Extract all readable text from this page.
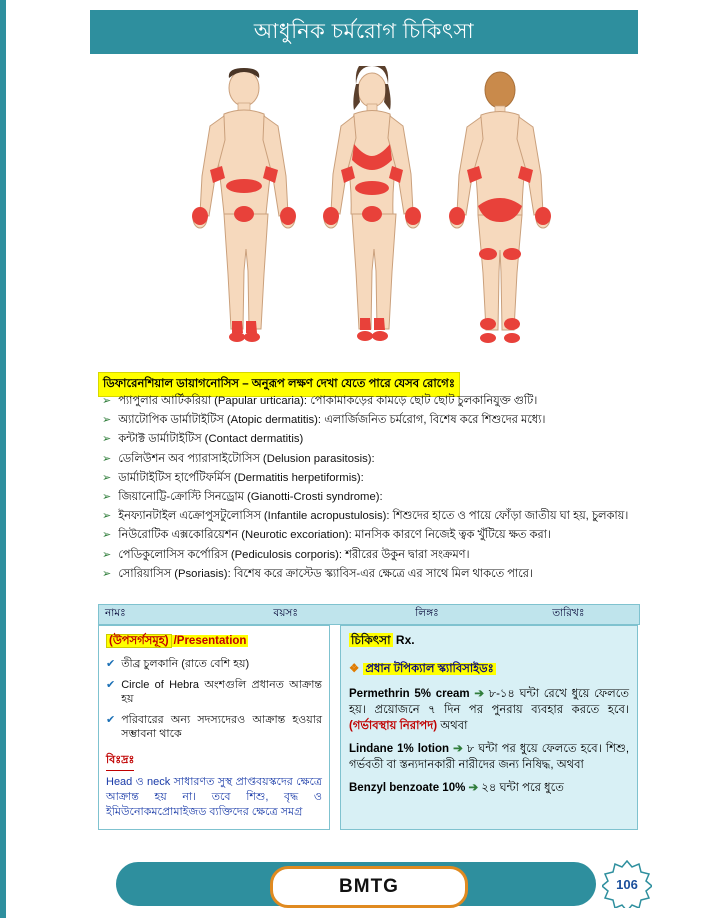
আধুনিক চর্মরোগ চিকিৎসা
ডিফারেনশিয়াল ডায়াগনোসিস – অনুরূপ লক্ষণ দেখা যেতে পারে যেসব রোগেঃ
➢ প্যাপুলার আর্টিকরিয়া (Papular urticaria): পোকামাকড়ের কামড়ে ছোট ছোট চুলকানিযুক্ত গুটি।
➢ অ্যাটোপিক ডার্মাটাইটিস (Atopic dermatitis): এলার্জিজনিত চর্মরোগ, বিশেষ করে শিশুদের মধ্যে।
➢ কন্টাক্ট ডার্মাটাইটিস (Contact dermatitis)
➢ ডেলিউশন অব প্যারাসাইটোসিস (Delusion parasitosis):
➢ ডার্মাটাইটিস হার্পেটিফর্মিস (Dermatitis herpetiformis):
➢ জিয়ানোট্টি-ক্রোস্টি সিনড্রোম (Gianotti-Crosti syndrome):
➢ ইনফ্যানটাইল এক্রোপুসটুলোসিস (Infantile acropustulosis): শিশুদের হাতে ও পায়ে ফোঁড়া জাতীয় ঘা হয়, চুলকায়।
➢ নিউরোটিক এক্সকোরিয়েশন (Neurotic excoriation): মানসিক কারণে নিজেই ত্বক খুঁটিয়ে ক্ষত করা।
➢ পেডিকুলোসিস কর্পোরিস (Pediculosis corporis): শরীরের উকুন দ্বারা সংক্রমণ।
➢ সোরিয়াসিস (Psoriasis): বিশেষ করে ক্রাস্টেড স্ক্যাবিস-এর ক্ষেত্রে এর সাথে মিল থাকতে পারে।
নামঃ	বয়সঃ	লিঙ্গঃ	তারিখঃ
(উপসর্গসমূহ) /Presentation
✔ তীব্র চুলকানি (রাতে বেশি হয়)
✔ Circle of Hebra অংশগুলি প্রধানত আক্রান্ত হয়
✔ পরিবারের অন্য সদস্যদেরও আক্রান্ত হওয়ার সম্ভাবনা থাকে
বিঃদ্রঃ
Head ও neck সাধারণত সুস্থ প্রাপ্তবয়স্কদের ক্ষেত্রে আক্রান্ত হয় না। তবে শিশু, বৃদ্ধ ও ইমিউনোকমপ্রোমাইজড ব্যক্তিদের ক্ষেত্রে সমগ্র
চিকিৎসা Rx.
❖ প্রধান টপিক্যাল স্ক্যাবিসাইডঃ
Permethrin 5% cream ➔ ৮-১৪ ঘন্টা রেখে ধুয়ে ফেলতে হয়। প্রয়োজনে ৭ দিন পর পুনরায় ব্যবহার করতে হবে। (গর্ভাবস্থায় নিরাপদ) অথবা
Lindane 1% lotion ➔ ৮ ঘন্টা পর ধুয়ে ফেলতে হবে। শিশু, গর্ভবতী বা স্তন্যদানকারী নারীদের জন্য নিষিদ্ধ, অথবা
Benzyl benzoate 10% ➔ ২৪ ঘন্টা পরে ধুতে
BMTG	106
